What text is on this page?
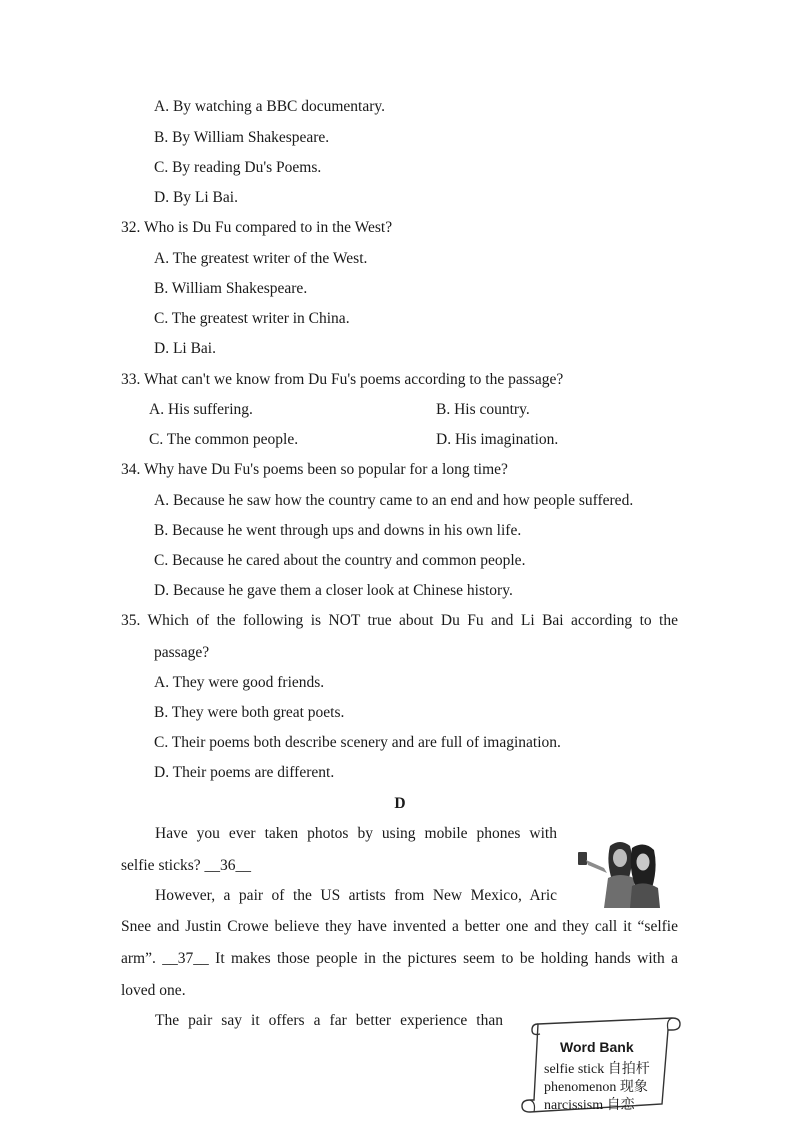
A. By watching a BBC documentary.
B. By William Shakespeare.
C. By reading Du's Poems.
D. By Li Bai.
32. Who is Du Fu compared to in the West?
A. The greatest writer of the West.
B. William Shakespeare.
C. The greatest writer in China.
D. Li Bai.
33. What can't we know from Du Fu's poems according to the passage?
A. His suffering.	B. His country.
C. The common people.	D. His imagination.
34. Why have Du Fu's poems been so popular for a long time?
A. Because he saw how the country came to an end and how people suffered.
B. Because he went through ups and downs in his own life.
C. Because he cared about the country and common people.
D. Because he gave them a closer look at Chinese history.
35. Which of the following is NOT true about Du Fu and Li Bai according to the
passage?
A. They were good friends.
B. They were both great poets.
C. Their poems both describe scenery and are full of imagination.
D. Their poems are different.
D
Have you ever taken photos by using mobile phones with
selfie sticks? __36__
However, a pair of the US artists from New Mexico, Aric
Snee and Justin Crowe believe they have invented a better one and they call it “selfie
arm”. __37__ It makes those people in the pictures seem to be holding hands with a
loved one.
The pair say it offers a far better experience than
Word Bank
selfie stick 自拍杆
phenomenon 现象
narcissism 自恋
